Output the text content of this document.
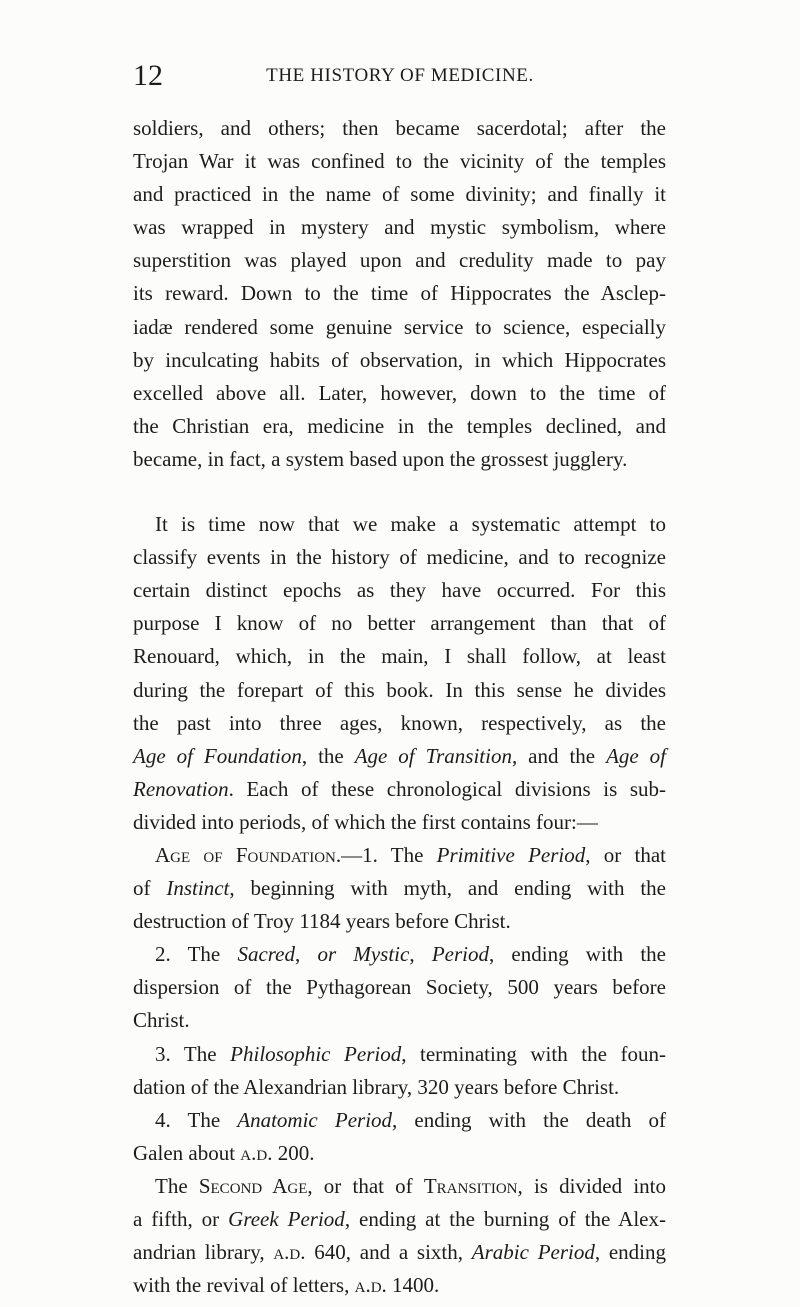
12	THE HISTORY OF MEDICINE.
soldiers, and others; then became sacerdotal; after the
Trojan War it was confined to the vicinity of the temples
and practiced in the name of some divinity; and finally it
was wrapped in mystery and mystic symbolism, where
superstition was played upon and credulity made to pay
its reward. Down to the time of Hippocrates the Asclep-
iadæ rendered some genuine service to science, especially
by inculcating habits of observation, in which Hippocrates
excelled above all. Later, however, down to the time of
the Christian era, medicine in the temples declined, and
became, in fact, a system based upon the grossest jugglery.
It is time now that we make a systematic attempt to
classify events in the history of medicine, and to recognize
certain distinct epochs as they have occurred. For this
purpose I know of no better arrangement than that of
Renouard, which, in the main, I shall follow, at least
during the forepart of this book. In this sense he divides
the past into three ages, known, respectively, as the
Age of Foundation, the Age of Transition, and the Age of
Renovation. Each of these chronological divisions is sub-
divided into periods, of which the first contains four:—
Age of Foundation.—1. The Primitive Period, or that
of Instinct, beginning with myth, and ending with the
destruction of Troy 1184 years before Christ.
2. The Sacred, or Mystic, Period, ending with the
dispersion of the Pythagorean Society, 500 years before
Christ.
3. The Philosophic Period, terminating with the foun-
dation of the Alexandrian library, 320 years before Christ.
4. The Anatomic Period, ending with the death of
Galen about a.d. 200.
The Second Age, or that of Transition, is divided into
a fifth, or Greek Period, ending at the burning of the Alex-
andrian library, a.d. 640, and a sixth, Arabic Period, ending
with the revival of letters, a.d. 1400.
